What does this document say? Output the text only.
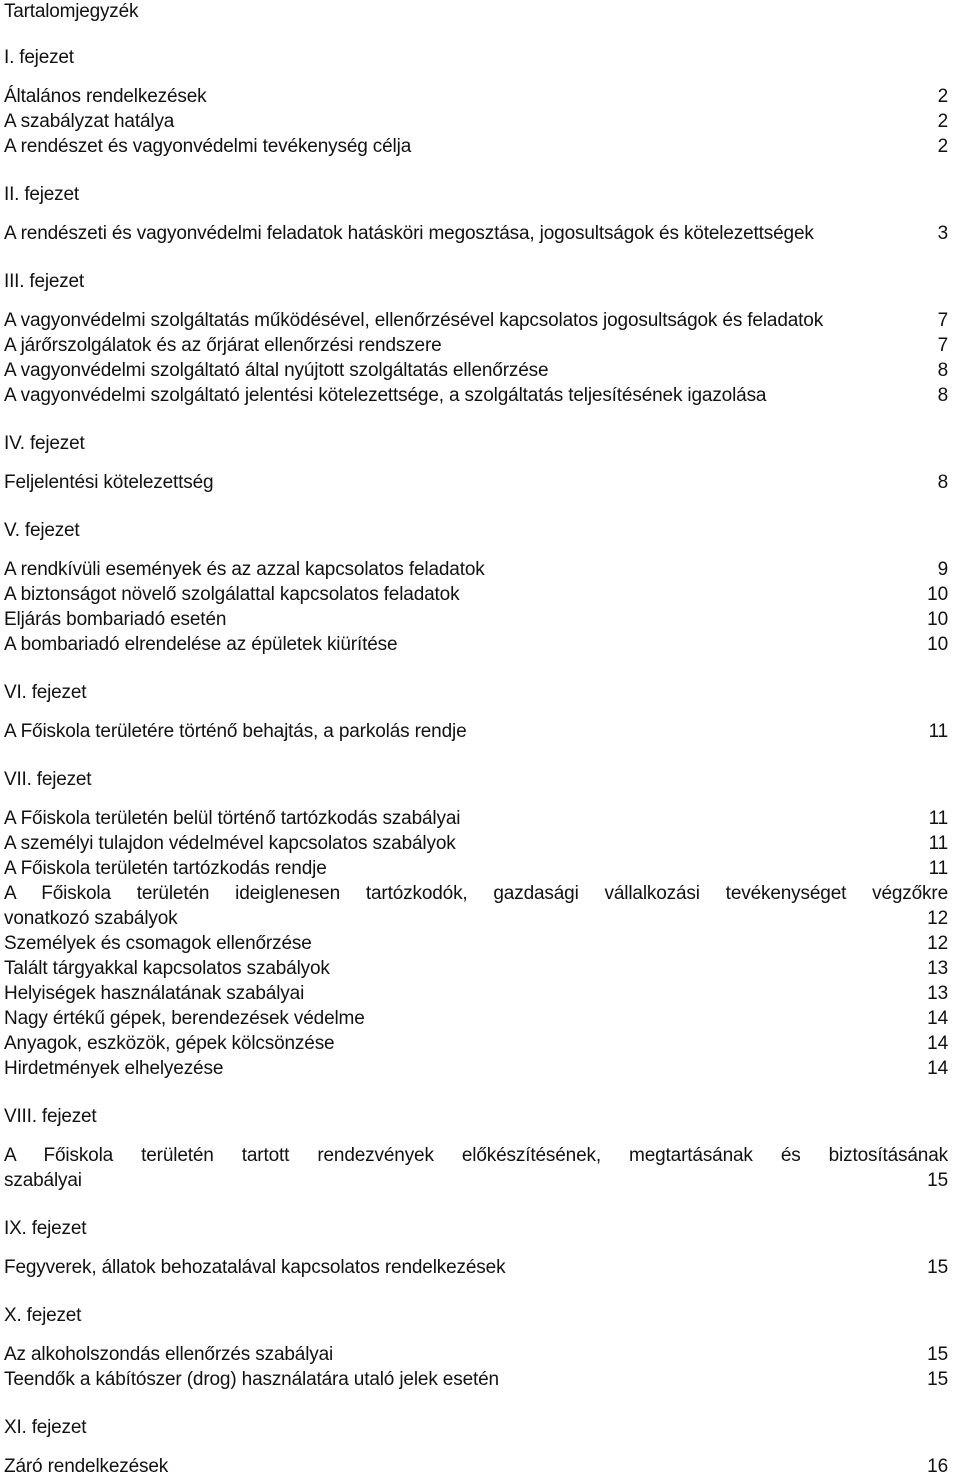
Tartalomjegyzék
I. fejezet
Általános rendelkezések	2
A szabályzat hatálya	2
A rendészet és vagyonvédelmi tevékenység célja	2
II. fejezet
A rendészeti és vagyonvédelmi feladatok hatásköri megosztása, jogosultságok és kötelezettségek	3
III. fejezet
A vagyonvédelmi szolgáltatás működésével, ellenőrzésével kapcsolatos jogosultságok és feladatok	7
A járőrszolgálatok és az őrjárat ellenőrzési rendszere	7
A vagyonvédelmi szolgáltató által nyújtott szolgáltatás ellenőrzése	8
A vagyonvédelmi szolgáltató jelentési kötelezettsége, a szolgáltatás teljesítésének igazolása	8
IV. fejezet
Feljelentési kötelezettség	8
V. fejezet
A rendkívüli események és az azzal kapcsolatos feladatok	9
A biztonságot növelő szolgálattal kapcsolatos feladatok	10
Eljárás bombariadó esetén	10
A bombariadó elrendelése az épületek kiürítése	10
VI. fejezet
A Főiskola területére történő behajtás, a parkolás rendje	11
VII. fejezet
A Főiskola területén belül történő tartózkodás szabályai	11
A személyi tulajdon védelmével kapcsolatos szabályok	11
A Főiskola területén tartózkodás rendje	11
A Főiskola területén ideiglenesen tartózkodók, gazdasági vállalkozási tevékenységet végzőkre
vonatkozó szabályok	12
Személyek és csomagok ellenőrzése	12
Talált tárgyakkal kapcsolatos szabályok	13
Helyiségek használatának szabályai	13
Nagy értékű gépek, berendezések védelme	14
Anyagok, eszközök, gépek kölcsönzése	14
Hirdetmények elhelyezése	14
VIII. fejezet
A Főiskola területén tartott rendezvények előkészítésének, megtartásának és biztosításának
szabályai	15
IX. fejezet
Fegyverek, állatok behozatalával kapcsolatos rendelkezések	15
X. fejezet
Az alkoholszondás ellenőrzés szabályai	15
Teendők a kábítószer (drog) használatára utaló jelek esetén	15
XI. fejezet
Záró rendelkezések	16
